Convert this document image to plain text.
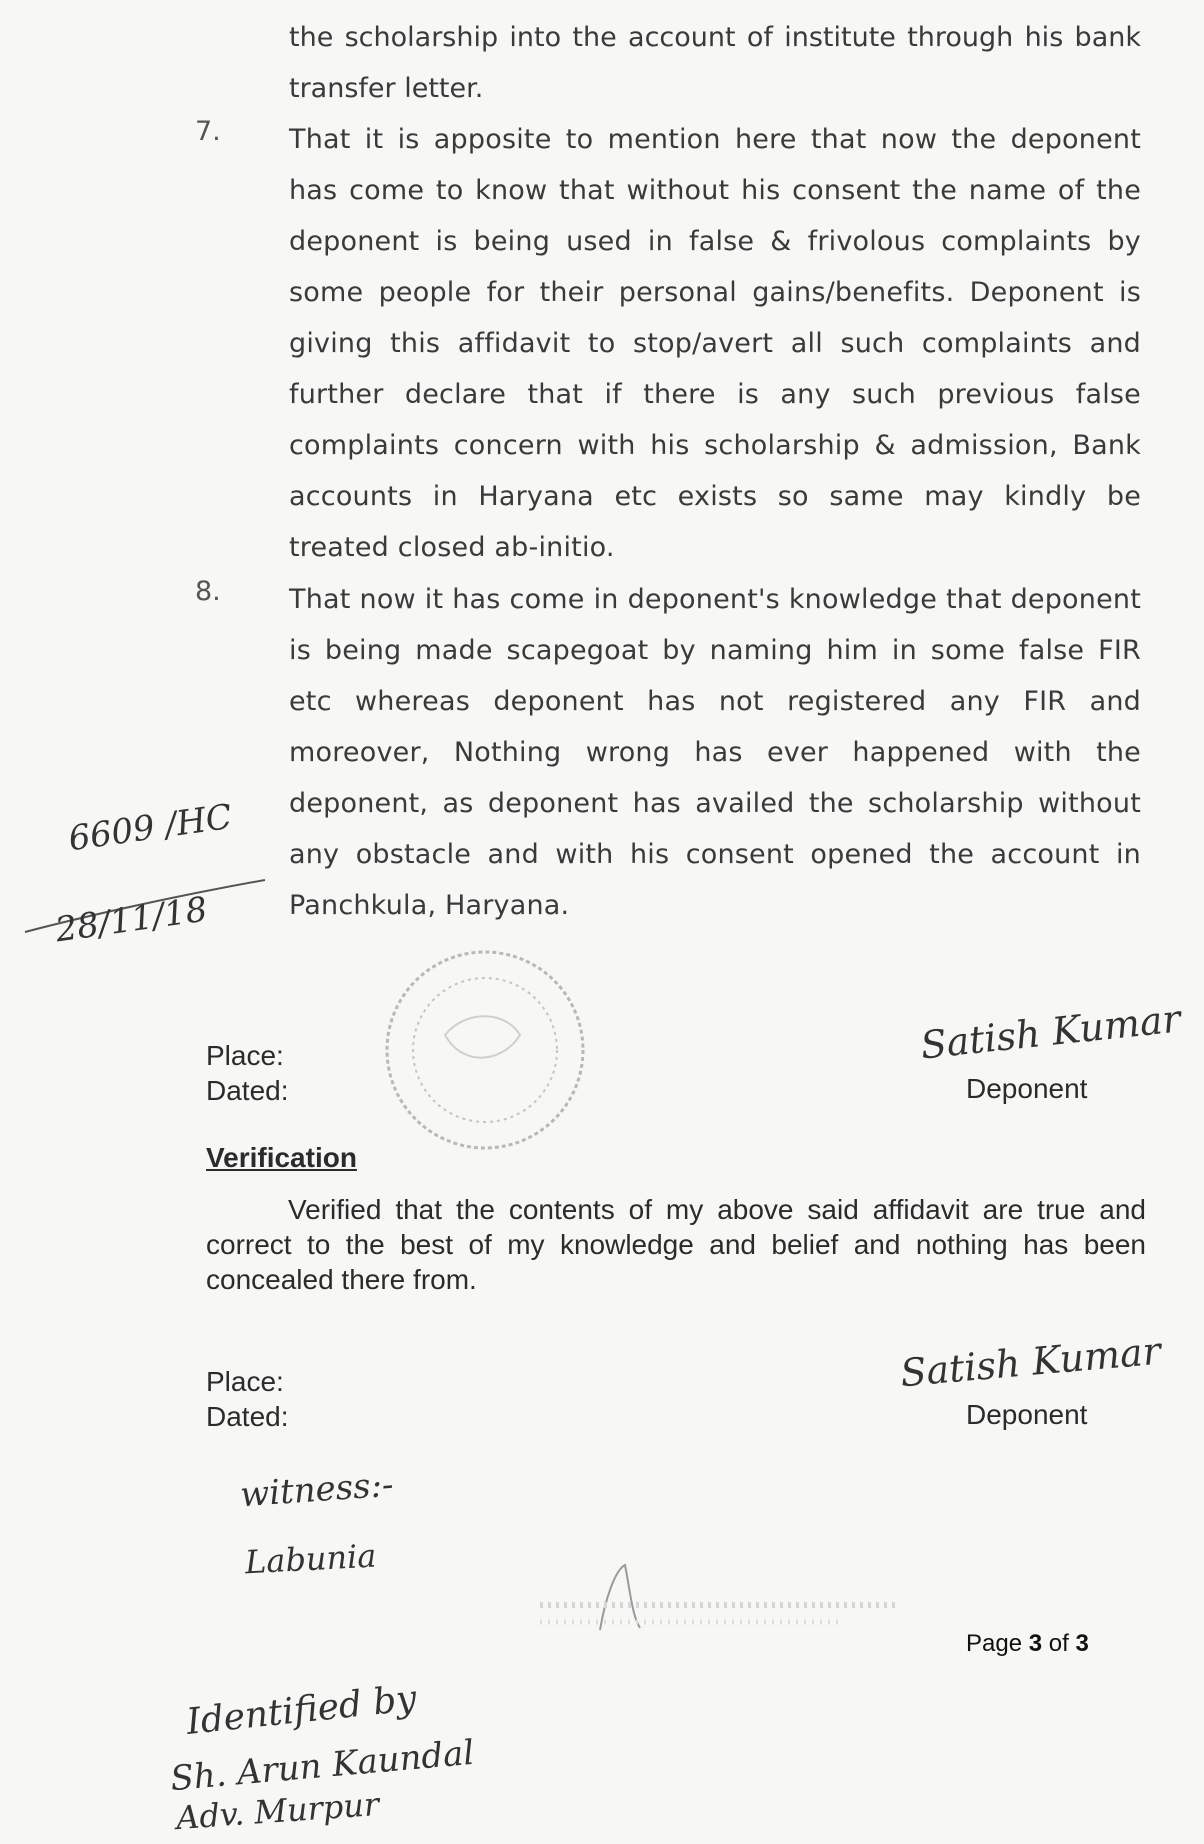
the scholarship into the account of institute through his bank transfer letter.
7.	That it is apposite to mention here that now the deponent has come to know that without his consent the name of the deponent is being used in false & frivolous complaints by some people for their personal gains/benefits. Deponent is giving this affidavit to stop/avert all such complaints and further declare that if there is any such previous false complaints concern with his scholarship & admission, Bank accounts in Haryana etc exists so same may kindly be treated closed ab-initio.
8.	That now it has come in deponent's knowledge that deponent is being made scapegoat by naming him in some false FIR etc whereas deponent has not registered any FIR and moreover, Nothing wrong has ever happened with the deponent, as deponent has availed the scholarship without any obstacle and with his consent opened the account in Panchkula, Haryana.
6609 /HC
28/11/18
Place:
Dated:
Satish Kumar
Deponent
Verification
Verified that the contents of my above said affidavit are true and correct to the best of my knowledge and belief and nothing has been concealed there from.
Place:
Dated:
Satish Kumar
Deponent
witness:-
Labunia
Page 3 of 3
Identified by
Sh. Arun Kaundal
Adv. Murpur
